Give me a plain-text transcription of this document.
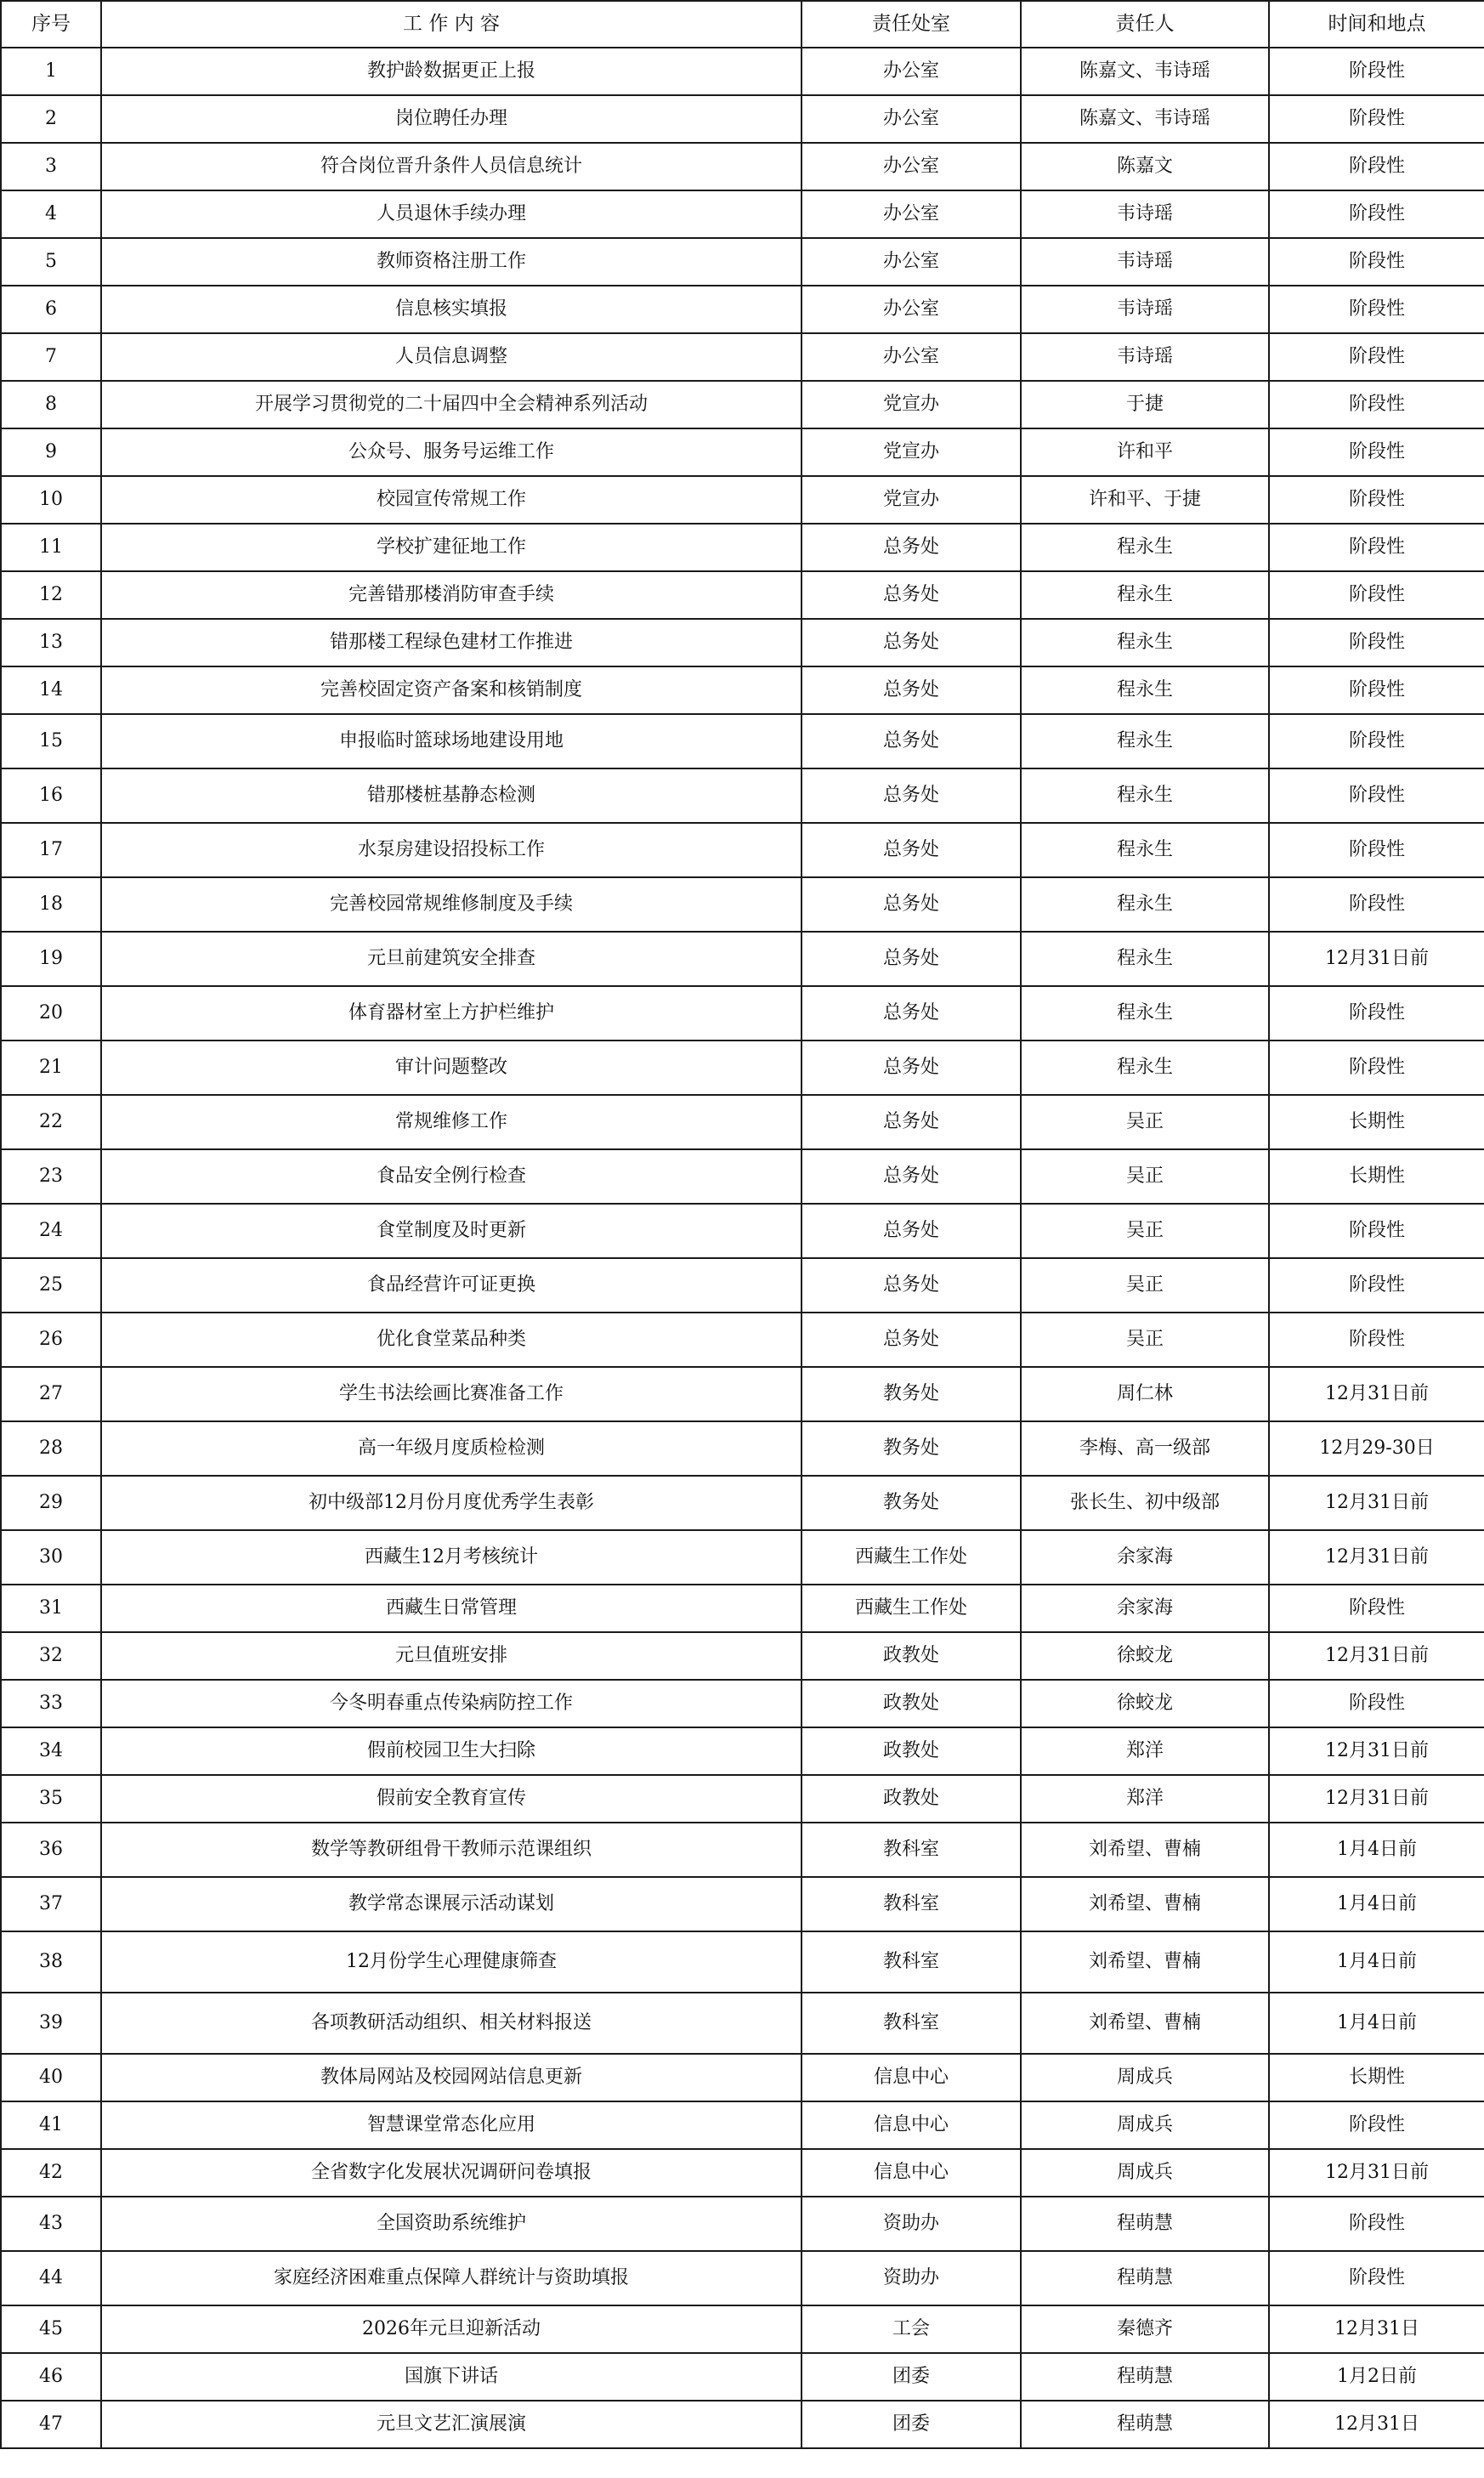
序号	工 作 内 容	责任处室	责任人	时间和地点
1	教护龄数据更正上报	办公室	陈嘉文、韦诗瑶	阶段性
2	岗位聘任办理	办公室	陈嘉文、韦诗瑶	阶段性
3	符合岗位晋升条件人员信息统计	办公室	陈嘉文	阶段性
4	人员退休手续办理	办公室	韦诗瑶	阶段性
5	教师资格注册工作	办公室	韦诗瑶	阶段性
6	信息核实填报	办公室	韦诗瑶	阶段性
7	人员信息调整	办公室	韦诗瑶	阶段性
8	开展学习贯彻党的二十届四中全会精神系列活动	党宣办	于捷	阶段性
9	公众号、服务号运维工作	党宣办	许和平	阶段性
10	校园宣传常规工作	党宣办	许和平、于捷	阶段性
11	学校扩建征地工作	总务处	程永生	阶段性
12	完善错那楼消防审查手续	总务处	程永生	阶段性
13	错那楼工程绿色建材工作推进	总务处	程永生	阶段性
14	完善校固定资产备案和核销制度	总务处	程永生	阶段性
15	申报临时篮球场地建设用地	总务处	程永生	阶段性
16	错那楼桩基静态检测	总务处	程永生	阶段性
17	水泵房建设招投标工作	总务处	程永生	阶段性
18	完善校园常规维修制度及手续	总务处	程永生	阶段性
19	元旦前建筑安全排查	总务处	程永生	12月31日前
20	体育器材室上方护栏维护	总务处	程永生	阶段性
21	审计问题整改	总务处	程永生	阶段性
22	常规维修工作	总务处	吴正	长期性
23	食品安全例行检查	总务处	吴正	长期性
24	食堂制度及时更新	总务处	吴正	阶段性
25	食品经营许可证更换	总务处	吴正	阶段性
26	优化食堂菜品种类	总务处	吴正	阶段性
27	学生书法绘画比赛准备工作	教务处	周仁林	12月31日前
28	高一年级月度质检检测	教务处	李梅、高一级部	12月29-30日
29	初中级部12月份月度优秀学生表彰	教务处	张长生、初中级部	12月31日前
30	西藏生12月考核统计	西藏生工作处	余家海	12月31日前
31	西藏生日常管理	西藏生工作处	余家海	阶段性
32	元旦值班安排	政教处	徐蛟龙	12月31日前
33	今冬明春重点传染病防控工作	政教处	徐蛟龙	阶段性
34	假前校园卫生大扫除	政教处	郑洋	12月31日前
35	假前安全教育宣传	政教处	郑洋	12月31日前
36	数学等教研组骨干教师示范课组织	教科室	刘希望、曹楠	1月4日前
37	教学常态课展示活动谋划	教科室	刘希望、曹楠	1月4日前
38	12月份学生心理健康筛查	教科室	刘希望、曹楠	1月4日前
39	各项教研活动组织、相关材料报送	教科室	刘希望、曹楠	1月4日前
40	教体局网站及校园网站信息更新	信息中心	周成兵	长期性
41	智慧课堂常态化应用	信息中心	周成兵	阶段性
42	全省数字化发展状况调研问卷填报	信息中心	周成兵	12月31日前
43	全国资助系统维护	资助办	程萌慧	阶段性
44	家庭经济困难重点保障人群统计与资助填报	资助办	程萌慧	阶段性
45	2026年元旦迎新活动	工会	秦德齐	12月31日
46	国旗下讲话	团委	程萌慧	1月2日前
47	元旦文艺汇演展演	团委	程萌慧	12月31日
